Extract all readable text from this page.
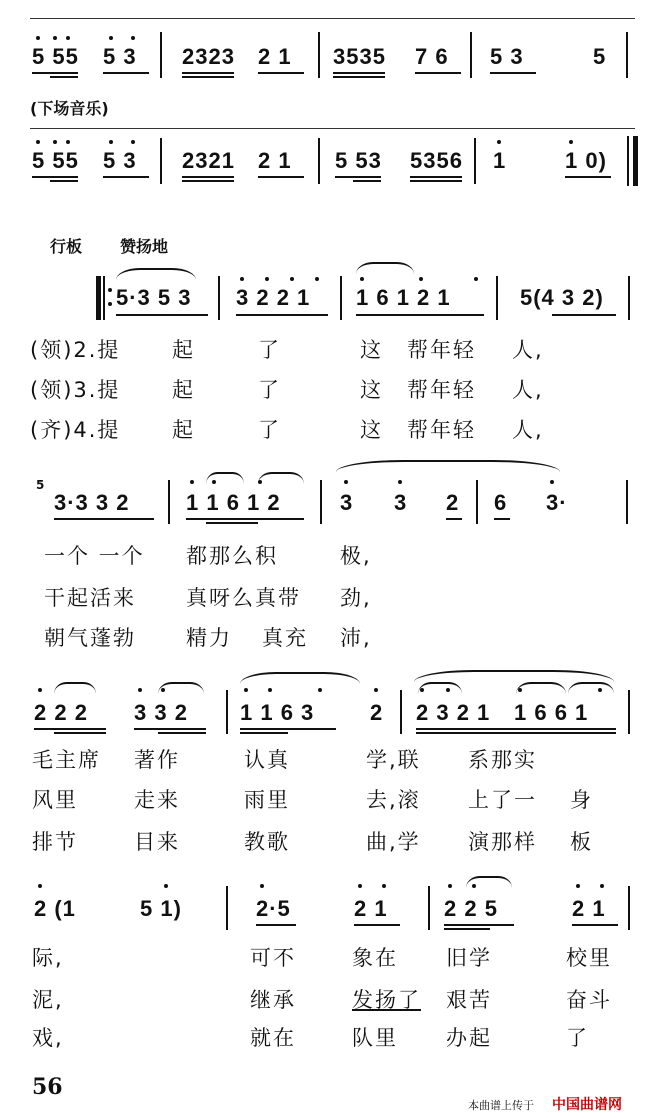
5 55 5 3 2323 2 1 3535 7 6 5 3	5
(下场音乐)
5 55 5 3 2321 2 1 5 53 5356 1	1 0)
行板 赞扬地
5·3 5 3 3 2 2 1 1 6 1 2 1	5(4 3 2)
(领)2.提 起	了	这 帮年轻 人,
(领)3.提 起	了	这 帮年轻 人,
(齐)4.提 起	了	这 帮年轻 人,
5
3·3 3 2	1 1 6 1 2	3 3 2 6 3·
一个 一个 都那么积	极,
干起活来 真呀么真带 劲,
朝气蓬勃 精力 真充 沛,
2 2 2 3 3 2 1 1 6 3	2 2 3 2 1 1 6 6 1
毛主席 著作	认真	学,联 系那实
风里	走来	雨里	去,滚 上了一 身
排节	目来	教歌	曲,学 演那样 板
2 (1	5 1)	2·5	2 1	2 2 5	2 1
际,	可不	象在 旧学	校里
泥,	继承	发扬了 艰苦	奋斗
戏,	就在	队里 办起	了
56
本曲谱上传于 中国曲谱网
